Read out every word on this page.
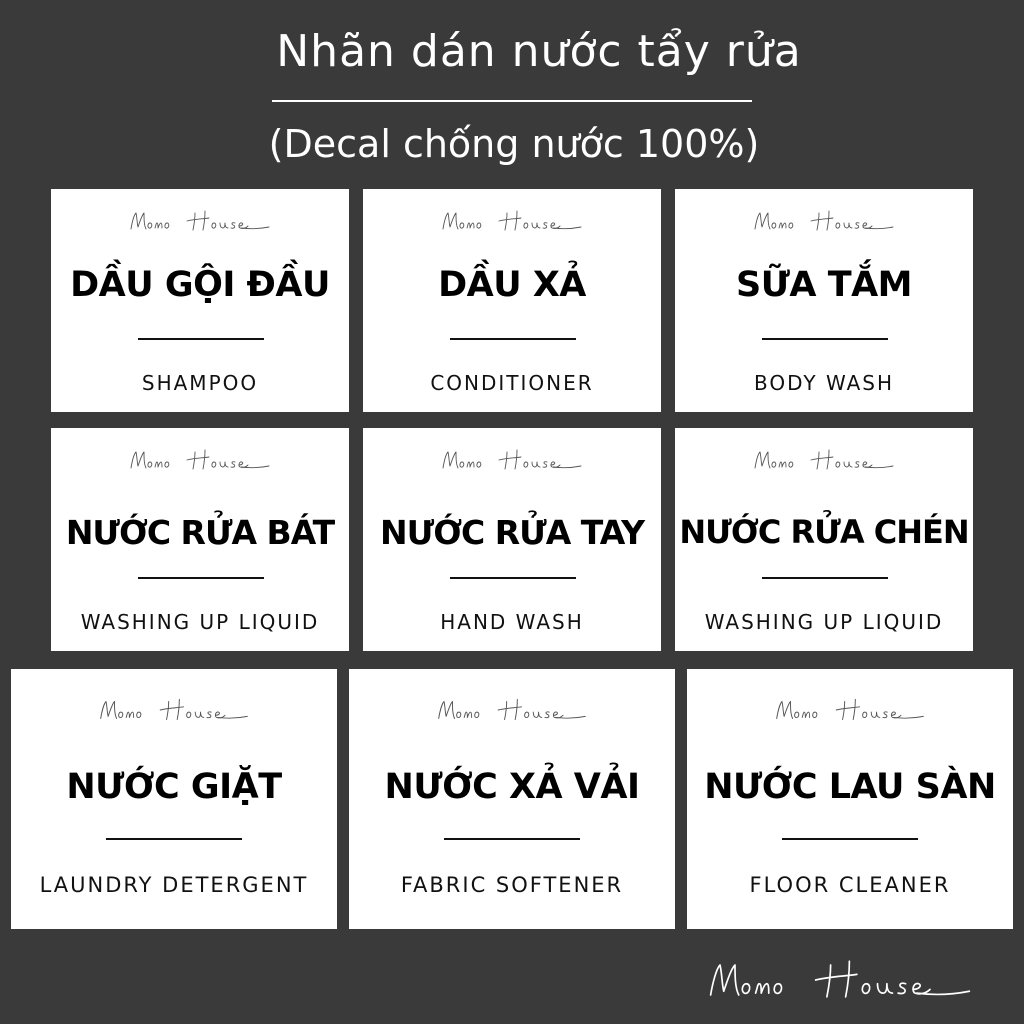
Nhãn dán nước tẩy rửa
(Decal chống nước 100%)
DẦU GỘI ĐẦU
SHAMPOO
DẦU XẢ
CONDITIONER
SỮA TẮM
BODY WASH
NƯỚC RỬA BÁT
WASHING UP LIQUID
NƯỚC RỬA TAY
HAND WASH
NƯỚC RỬA CHÉN
WASHING UP LIQUID
NƯỚC GIẶT
LAUNDRY DETERGENT
NƯỚC XẢ VẢI
FABRIC SOFTENER
NƯỚC LAU SÀN
FLOOR CLEANER
